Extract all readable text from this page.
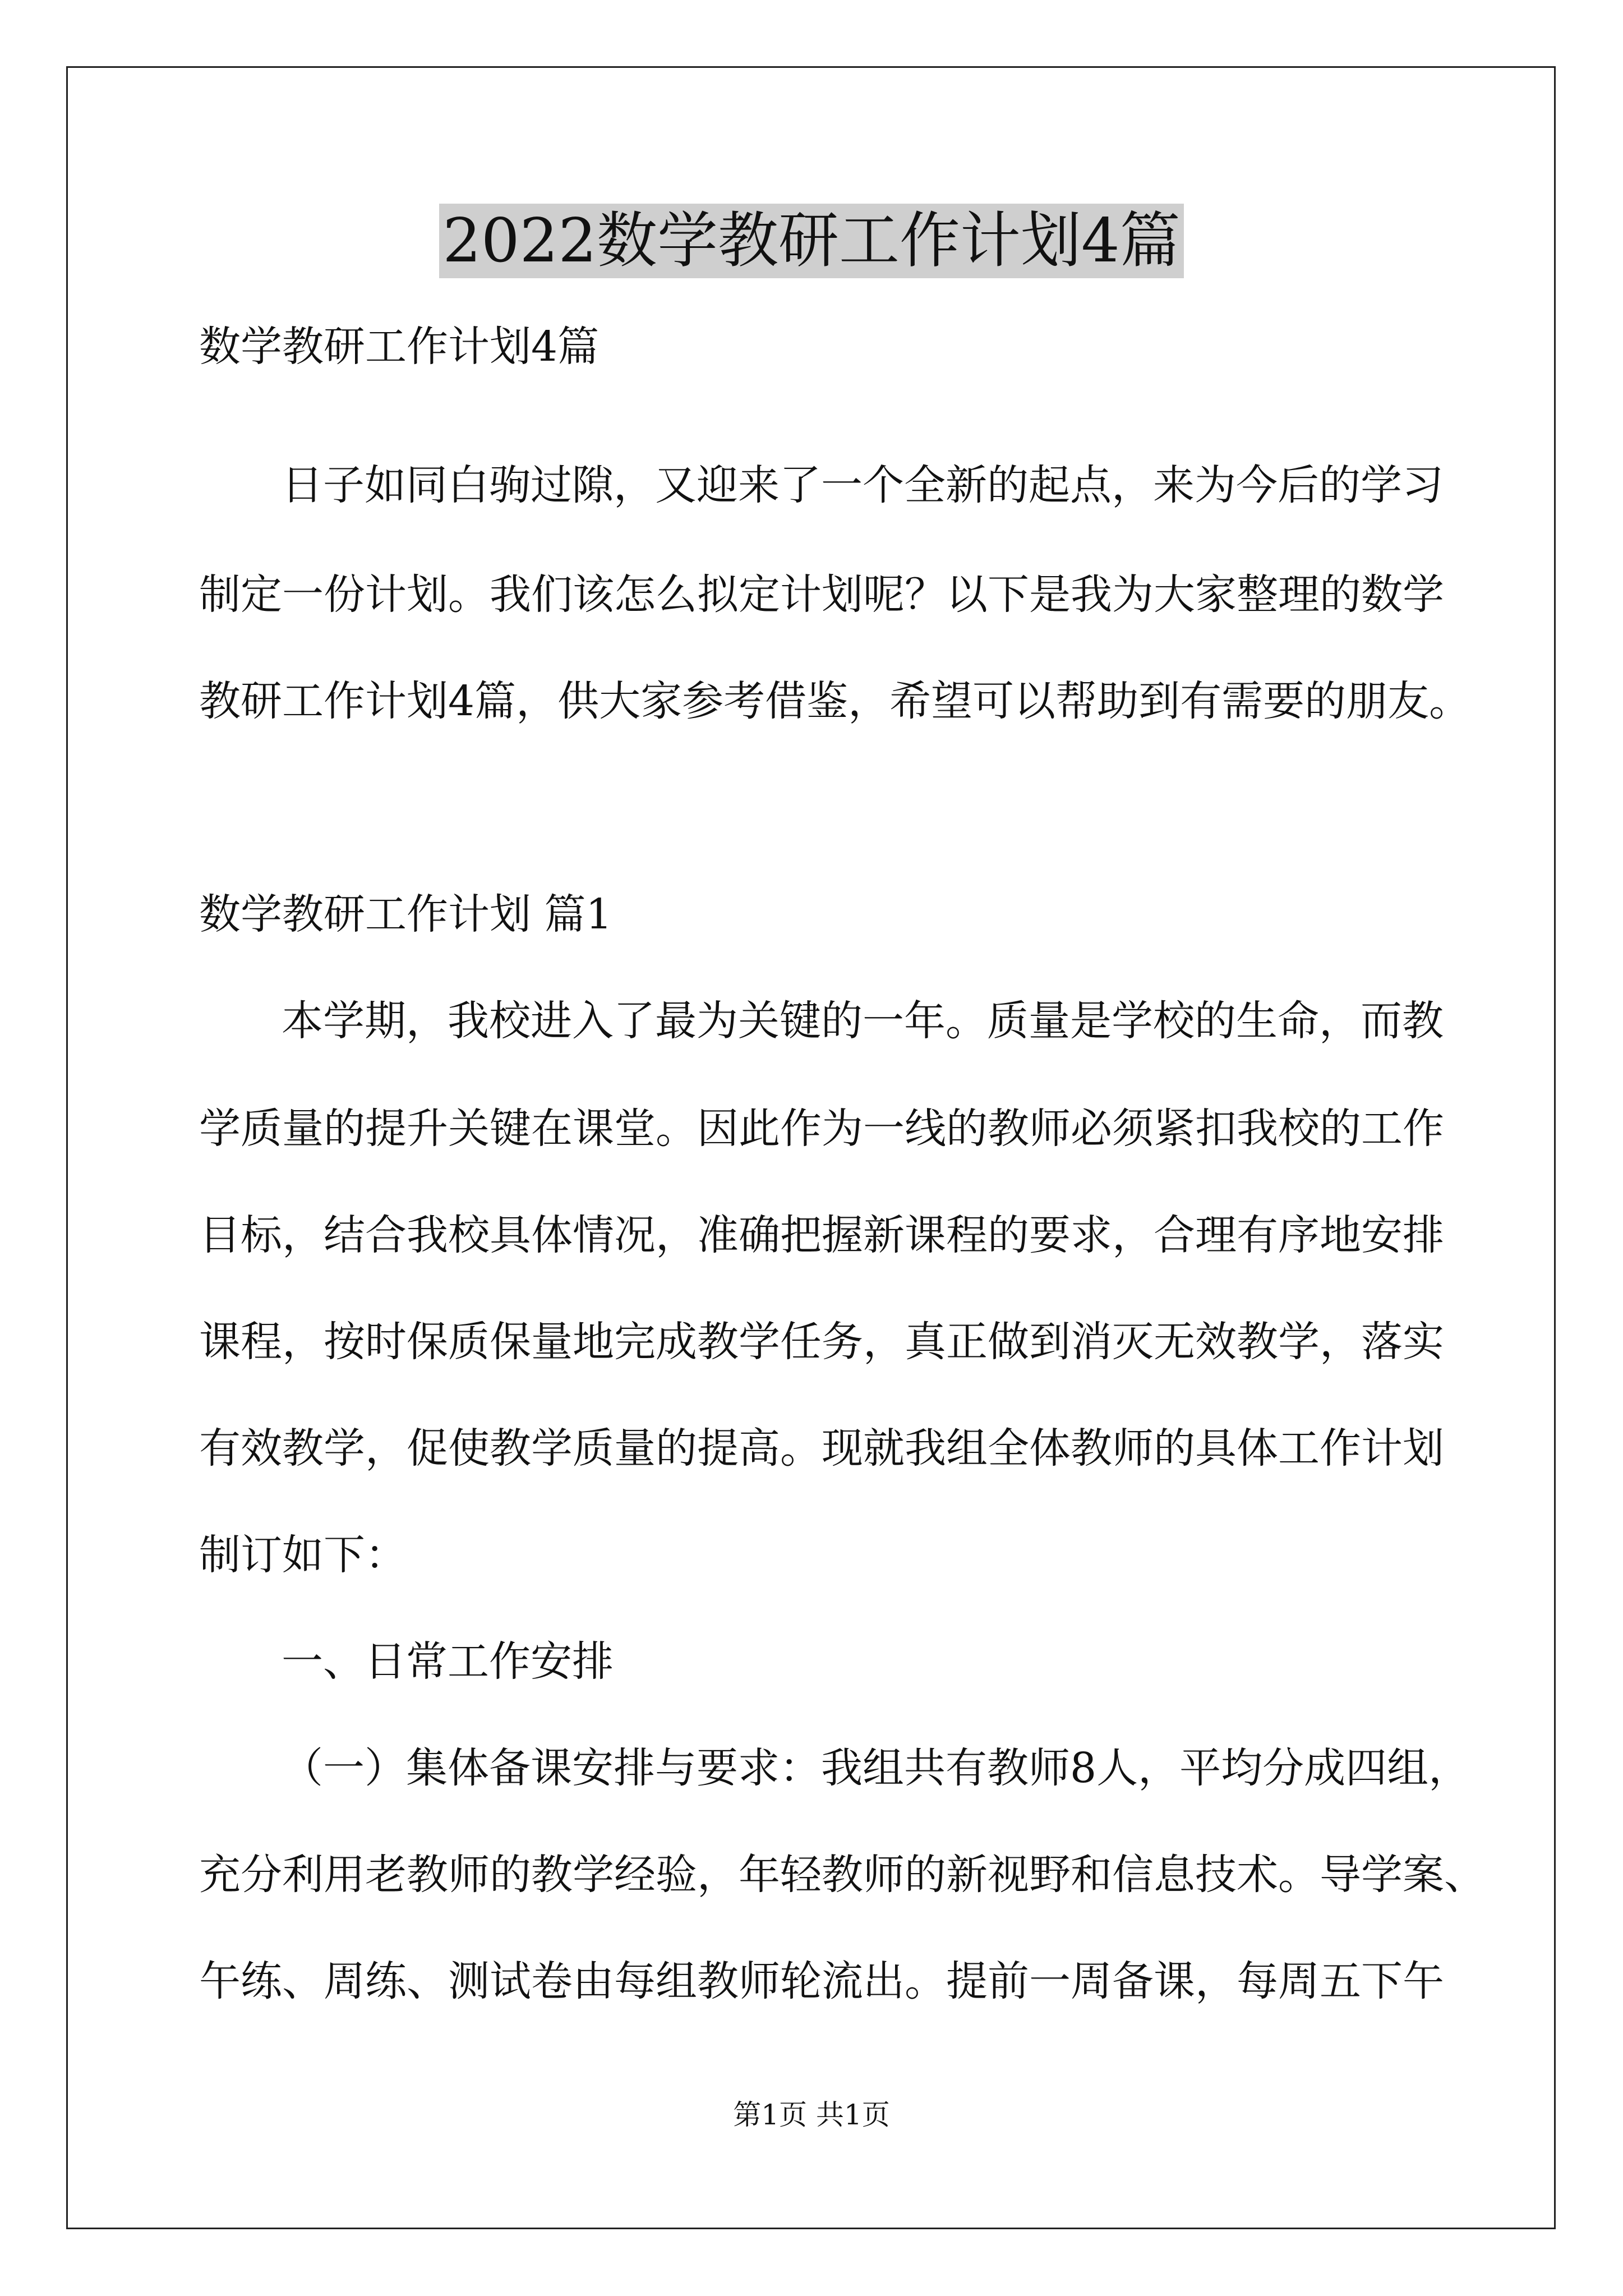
2022数学教研工作计划4篇
数学教研工作计划4篇
日子如同白驹过隙，又迎来了一个全新的起点，来为今后的学习
制定一份计划。我们该怎么拟定计划呢？以下是我为大家整理的数学
教研工作计划4篇，供大家参考借鉴，希望可以帮助到有需要的朋友。
数学教研工作计划 篇1
本学期，我校进入了最为关键的一年。质量是学校的生命，而教
学质量的提升关键在课堂。因此作为一线的教师必须紧扣我校的工作
目标，结合我校具体情况，准确把握新课程的要求，合理有序地安排
课程，按时保质保量地完成教学任务，真正做到消灭无效教学，落实
有效教学，促使教学质量的提高。现就我组全体教师的具体工作计划
制订如下：
一、日常工作安排
（一）集体备课安排与要求：我组共有教师8人，平均分成四组，
充分利用老教师的教学经验，年轻教师的新视野和信息技术。导学案、
午练、周练、测试卷由每组教师轮流出。提前一周备课，每周五下午
第1页 共1页
